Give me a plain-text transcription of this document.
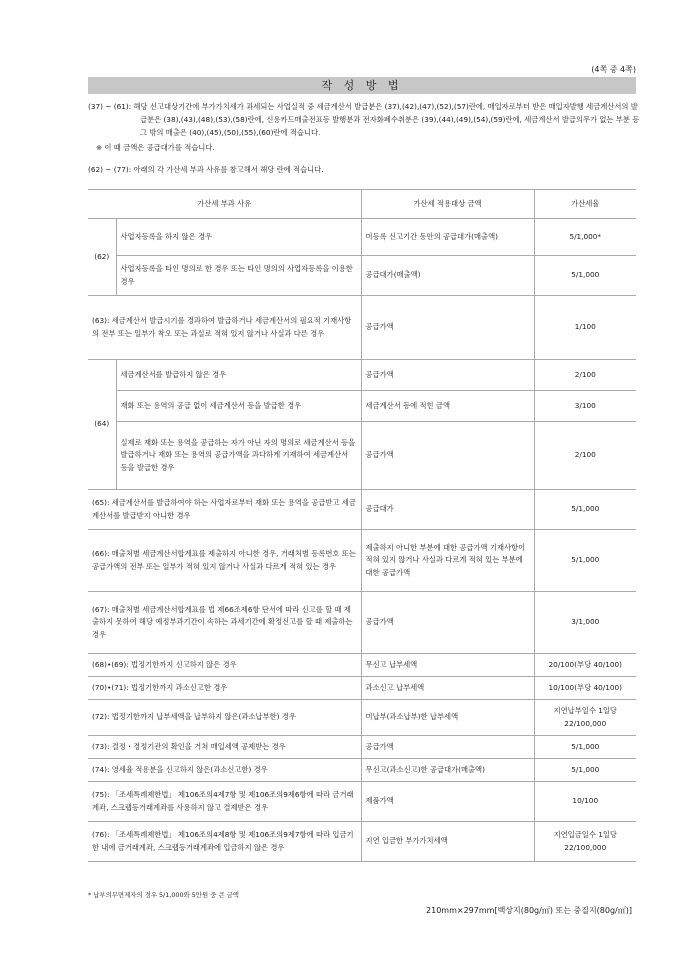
(4쪽 중 4쪽)
작 성 방 법
(37) ~ (61): 해당 신고대상기간에 부가가치세가 과세되는 사업실적 중 세금계산서 발급분은 (37),(42),(47),(52),(57)란에, 매입자로부터 받은 매입자발행 세금계산서의 발급분은 (38),(43),(48),(53),(58)란에, 신용카드매출전표등 발행분과 전자화폐수취분은 (39),(44),(49),(54),(59)란에, 세금계산서 발급의무가 없는 부분 등 그 밖의 매출은 (40),(45),(50),(55),(60)란에 적습니다.
※ 이 때 금액은 공급대가를 적습니다.
(62) ~ (77): 아래의 각 가산세 부과 사유를 참고해서 해당 란에 적습니다.
가산세 부과 사유		가산세 적용대상 금액	가산세율
(62)	사업자등록을 하지 않은 경우	미등록 신고기간 동안의 공급대가(매출액)	5/1,000*
	사업자등록을 타인 명의로 한 경우 또는 타인 명의의 사업자등록을 이용한 경우	공급대가(매출액)	5/1,000
(63): 세금계산서 발급시기를 경과하여 발급하거나 세금계산서의 필요적 기재사항의 전부 또는 일부가 착오 또는 과실로 적혀 있지 않거나 사실과 다른 경우		공급가액	1/100
(64)	세금계산서를 발급하지 않은 경우	공급가액	2/100
	재화 또는 용역의 공급 없이 세금계산서 등을 발급한 경우	세금계산서 등에 적힌 금액	3/100
	실제로 재화 또는 용역을 공급하는 자가 아닌 자의 명의로 세금계산서 등을 발급하거나 재화 또는 용역의 공급가액을 과다하게 기재하여 세금계산서 등을 발급한 경우	공급가액	2/100
(65): 세금계산서를 발급하여야 하는 사업자로부터 재화 또는 용역을 공급받고 세금계산서를 발급받지 아니한 경우		공급대가	5/1,000
(66): 매출처별 세금계산서합계표를 제출하지 아니한 경우, 거래처별 등록번호 또는 공급가액의 전부 또는 일부가 적혀 있지 않거나 사실과 다르게 적혀 있는 경우		제출하지 아니한 부분에 대한 공급가액 기재사항이 적혀 있지 않거나 사실과 다르게 적혀 있는 부분에 대한 공급가액	5/1,000
(67): 매출처별 세금계산서합계표를 법 제66조제6항 단서에 따라 신고를 할 때 제출하지 못하여 해당 예정부과기간이 속하는 과세기간에 확정신고를 할 때 제출하는 경우		공급가액	3/1,000
(68)•(69): 법정기한까지 신고하지 않은 경우		무신고 납부세액	20/100(부당 40/100)
(70)•(71): 법정기한까지 과소신고한 경우		과소신고 납부세액	10/100(부당 40/100)
(72): 법정기한까지 납부세액을 납부하지 않은(과소납부한) 경우		미납부(과소납부)한 납부세액	지연납부일수 1일당
22/100,000

(73): 결정・경정기관의 확인을 거쳐 매입세액 공제받는 경우		공급가액	5/1,000
(74): 영세율 적용분을 신고하지 않은(과소신고한) 경우		무신고(과소신고)한 공급대가(매출액)	5/1,000
(75): 「조세특례제한법」 제106조의4제7항 및 제106조의9제6항에 따라 금거래계좌, 스크랩등거래계좌를 사용하지 않고 결제받은 경우		제품가액	10/100
(76): 「조세특례제한법」 제106조의4제8항 및 제106조의9제7항에 따라 입금기한 내에 금거래계좌, 스크랩등거래계좌에 입금하지 않은 경우		지연 입금한 부가가치세액	지연입금일수 1일당
22/100,000
* 납부의무면제자의 경우 5/1,000와 5만원 중 큰 금액
210mm×297mm[백상지(80g/㎡) 또는 중질지(80g/㎡)]
